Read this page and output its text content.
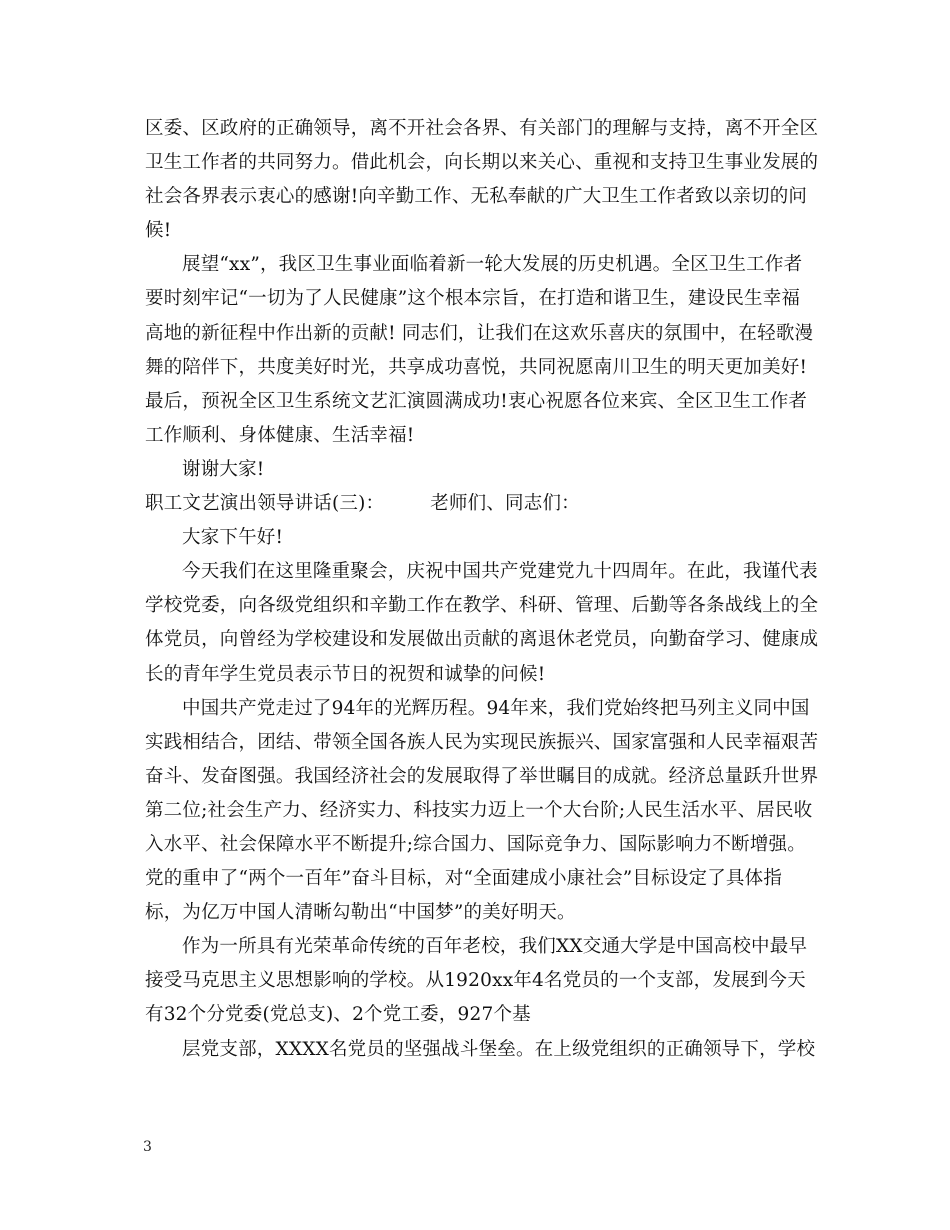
区委、区政府的正确领导，离不开社会各界、有关部门的理解与支持，离不开全区
卫生工作者的共同努力。借此机会，向长期以来关心、重视和支持卫生事业发展的
社会各界表示衷心的感谢!向辛勤工作、无私奉献的广大卫生工作者致以亲切的问
候!
展望“xx”，我区卫生事业面临着新一轮大发展的历史机遇。全区卫生工作者
要时刻牢记“一切为了人民健康”这个根本宗旨，在打造和谐卫生，建设民生幸福
高地的新征程中作出新的贡献! 同志们，让我们在这欢乐喜庆的氛围中，在轻歌漫
舞的陪伴下，共度美好时光，共享成功喜悦，共同祝愿南川卫生的明天更加美好!
最后，预祝全区卫生系统文艺汇演圆满成功!衷心祝愿各位来宾、全区卫生工作者
工作顺利、身体健康、生活幸福!
谢谢大家!
职工文艺演出领导讲话(三)： 老师们、同志们：
大家下午好!
今天我们在这里隆重聚会，庆祝中国共产党建党九十四周年。在此，我谨代表
学校党委，向各级党组织和辛勤工作在教学、科研、管理、后勤等各条战线上的全
体党员，向曾经为学校建设和发展做出贡献的离退休老党员，向勤奋学习、健康成
长的青年学生党员表示节日的祝贺和诚挚的问候!
中国共产党走过了94年的光辉历程。94年来，我们党始终把马列主义同中国
实践相结合，团结、带领全国各族人民为实现民族振兴、国家富强和人民幸福艰苦
奋斗、发奋图强。我国经济社会的发展取得了举世瞩目的成就。经济总量跃升世界
第二位;社会生产力、经济实力、科技实力迈上一个大台阶;人民生活水平、居民收
入水平、社会保障水平不断提升;综合国力、国际竞争力、国际影响力不断增强。
党的重申了“两个一百年”奋斗目标，对“全面建成小康社会”目标设定了具体指
标，为亿万中国人清晰勾勒出“中国梦”的美好明天。
作为一所具有光荣革命传统的百年老校，我们XX交通大学是中国高校中最早
接受马克思主义思想影响的学校。从1920xx年4名党员的一个支部，发展到今天
有32个分党委(党总支)、2个党工委，927个基
层党支部，XXXX名党员的坚强战斗堡垒。在上级党组织的正确领导下，学校
3
